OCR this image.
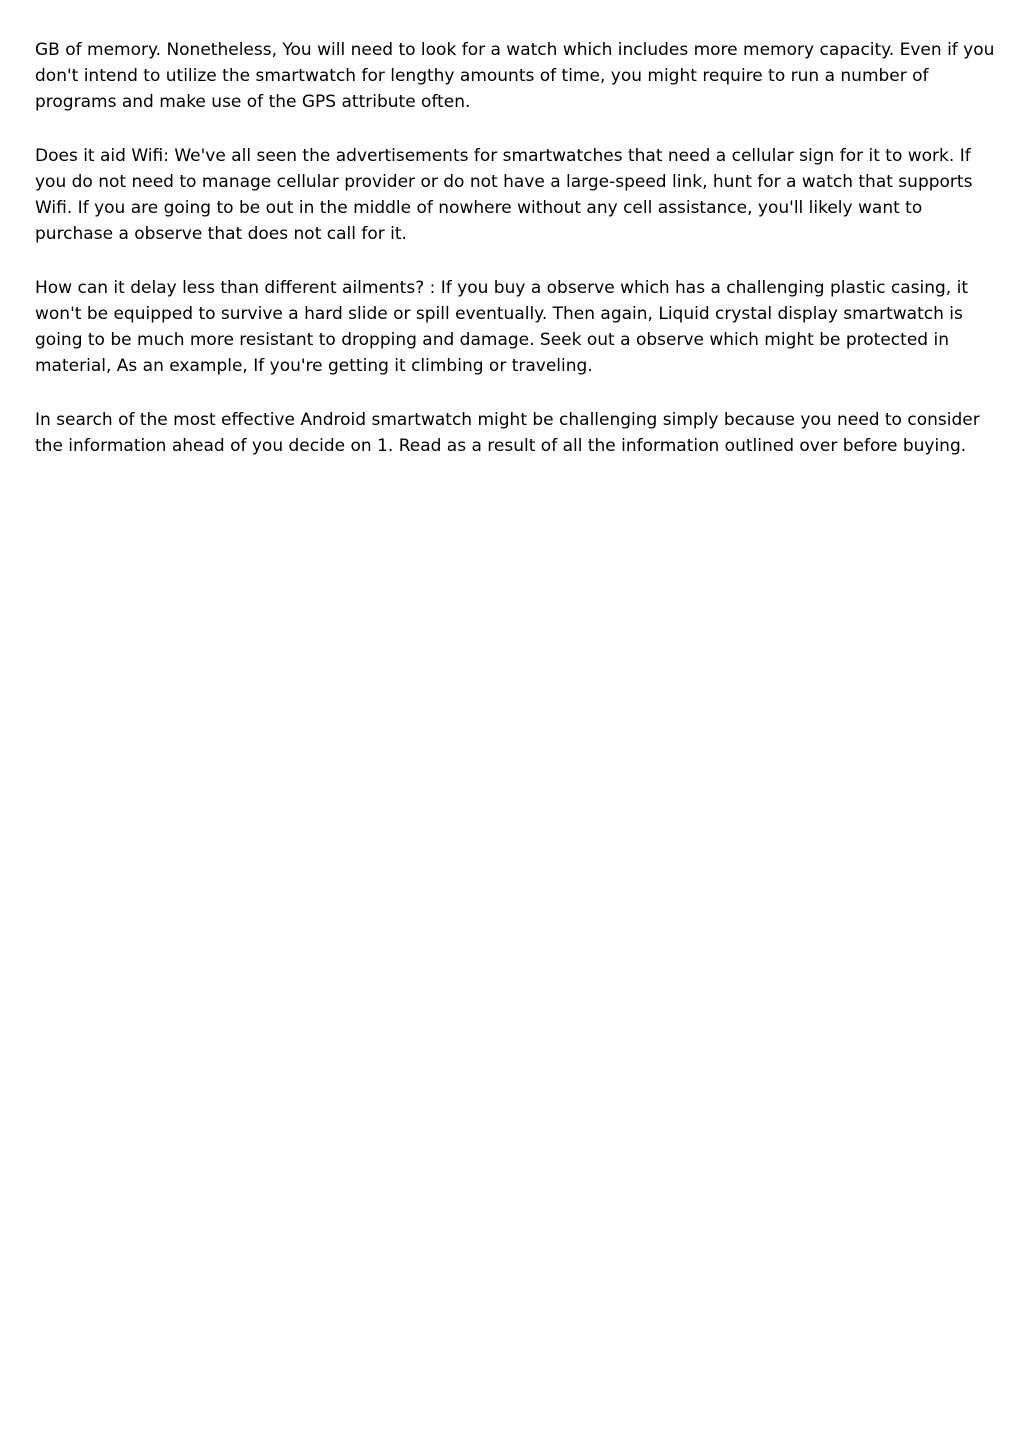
GB of memory. Nonetheless, You will need to look for a watch which includes more memory capacity. Even if you don't intend to utilize the smartwatch for lengthy amounts of time, you might require to run a number of programs and make use of the GPS attribute often.

Does it aid Wifi: We've all seen the advertisements for smartwatches that need a cellular sign for it to work. If you do not need to manage cellular provider or do not have a large-speed link, hunt for a watch that supports Wifi. If you are going to be out in the middle of nowhere without any cell assistance, you'll likely want to purchase a observe that does not call for it.

How can it delay less than different ailments? : If you buy a observe which has a challenging plastic casing, it won't be equipped to survive a hard slide or spill eventually. Then again, Liquid crystal display smartwatch is going to be much more resistant to dropping and damage. Seek out a observe which might be protected in material, As an example, If you're getting it climbing or traveling.

In search of the most effective Android smartwatch might be challenging simply because you need to consider the information ahead of you decide on 1. Read as a result of all the information outlined over before buying.
